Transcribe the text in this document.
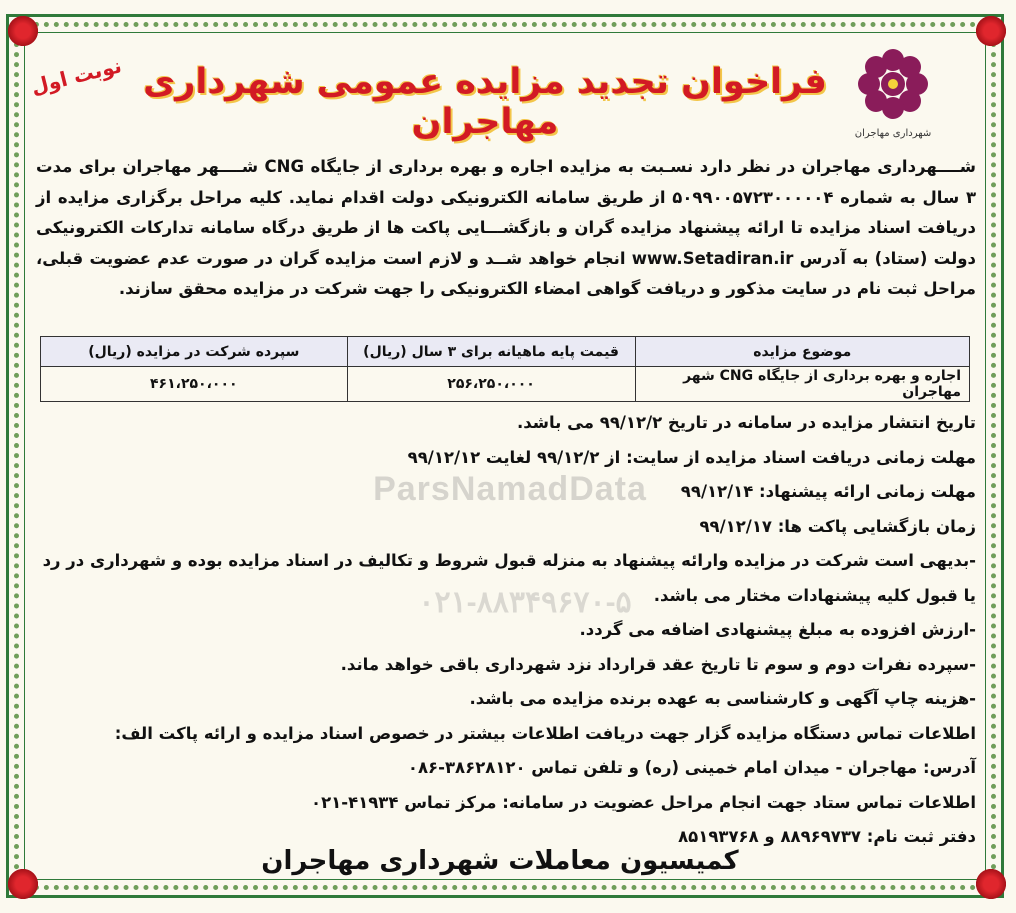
شهرداری مهاجران
فراخوان تجدید مزایده عمومی شهرداری مهاجران
نوبت اول
شــــهرداری مهاجران در نظر دارد نسـبت به مزایده اجاره و بهره برداری از جایگاه CNG شــــهر مهاجران برای مدت ۳ سال به شماره ۵۰۹۹۰۰۵۷۲۳۰۰۰۰۰۴ از طریق سامانه الکترونیکی دولت اقدام نماید. کلیه مراحل برگزاری مزایده از دریافت اسناد مزایده تا ارائه پیشنهاد مزایده گران و بازگشـــایی پاکت ها از طریق درگاه سامانه تدارکات الکترونیکی دولت (ستاد) به آدرس www.Setadiran.ir انجام خواهد شــد و لازم است مزایده گران در صورت عدم عضویت قبلی، مراحل ثبت نام در سایت مذکور و دریافت گواهی امضاء الکترونیکی را جهت شرکت در مزایده محقق سازند.
ParsNamadData
۰۲۱-۸۸۳۴۹۶۷۰-۵
موضوع مزایده	قیمت پایه ماهیانه برای ۳ سال (ریال)	سپرده شرکت در مزایده (ریال)
اجاره و بهره برداری از جایگاه CNG شهر مهاجران	۲۵۶،۲۵۰،۰۰۰	۴۶۱،۲۵۰،۰۰۰
تاریخ انتشار مزایده در سامانه در تاریخ ۹۹/۱۲/۲ می باشد.
مهلت زمانی دریافت اسناد مزایده از سایت: از ۹۹/۱۲/۲ لغایت ۹۹/۱۲/۱۲
مهلت زمانی ارائه پیشنهاد: ۹۹/۱۲/۱۴
زمان بازگشایی پاکت ها: ۹۹/۱۲/۱۷
-بدیهی است شرکت در مزایده وارائه پیشنهاد به منزله قبول شروط و تکالیف در اسناد مزایده بوده و شهرداری در رد یا قبول کلیه پیشنهادات مختار می باشد.
-ارزش افزوده به مبلغ پیشنهادی اضافه می گردد.
-سپرده نفرات دوم و سوم تا تاریخ عقد قرارداد نزد شهرداری باقی خواهد ماند.
-هزینه چاپ آگهی و کارشناسی به عهده برنده مزایده می باشد.
اطلاعات تماس دستگاه مزایده گزار جهت دریافت اطلاعات بیشتر در خصوص اسناد مزایده و ارائه پاکت الف:
آدرس: مهاجران - میدان امام خمینی (ره) و تلفن تماس ۳۸۶۲۸۱۲۰-۰۸۶
اطلاعات تماس ستاد جهت انجام مراحل عضویت در سامانه: مرکز تماس ۴۱۹۳۴-۰۲۱
دفتر ثبت نام: ۸۸۹۶۹۷۳۷ و ۸۵۱۹۳۷۶۸
کمیسیون معاملات شهرداری مهاجران
